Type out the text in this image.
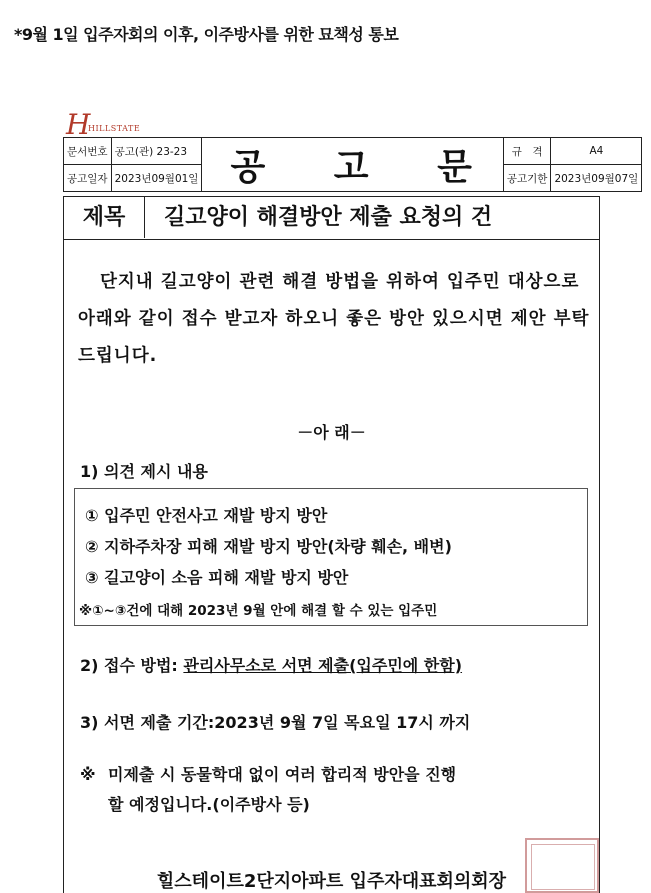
*9월 1일 입주자회의 이후, 이주방사를 위한 묘책성 통보
H
HILLSTATE
문서번호	공고(관) 23-23	공 고 문	규　격	A4
공고일자	2023년09월01일		공고기한	2023년09월07일
제목	길고양이 해결방안 제출 요청의 건
단지내 길고양이 관련 해결 방법을 위하여 입주민 대상으로 아래와 같이 접수 받고자 하오니 좋은 방안 있으시면 제안 부탁드립니다.
－아 래－
1) 의견 제시 내용
① 입주민 안전사고 재발 방지 방안
② 지하주차장 피해 재발 방지 방안(차량 훼손, 배변)
③ 길고양이 소음 피해 재발 방지 방안
※①~③건에 대해 2023년 9월 안에 해결 할 수 있는 입주민
2) 접수 방법: 관리사무소로 서면 제출(입주민에 한함)
3) 서면 제출 기간:2023년 9월 7일 목요일 17시 까지
※ 미제출 시 동물학대 없이 여러 합리적 방안을 진행
할 예정입니다.(이주방사 등)
힐스테이트2단지아파트 입주자대표회의회장
